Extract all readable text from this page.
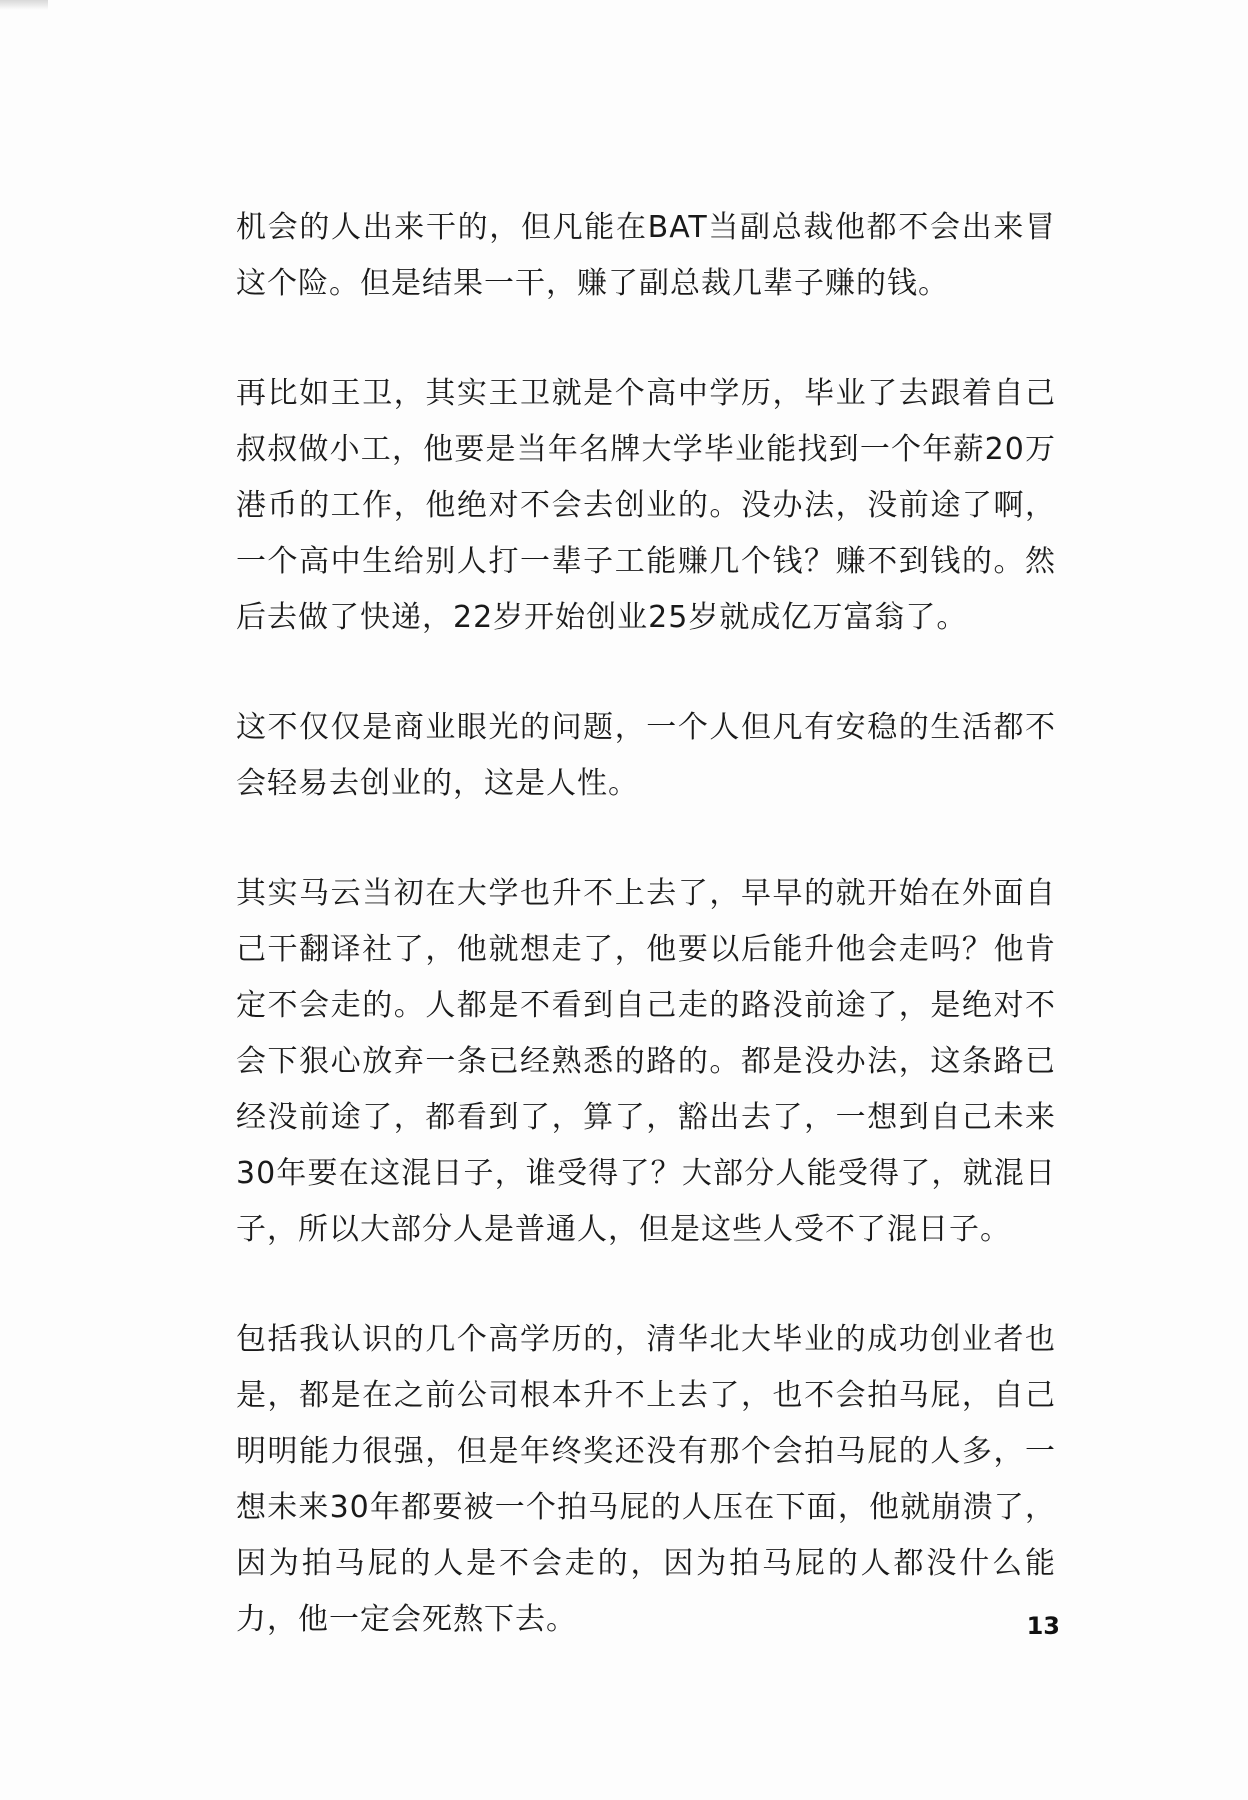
机会的人出来干的，但凡能在BAT当副总裁他都不会出来冒这个险。但是结果一干，赚了副总裁几辈子赚的钱。

再比如王卫，其实王卫就是个高中学历，毕业了去跟着自己叔叔做小工，他要是当年名牌大学毕业能找到一个年薪20万港币的工作，他绝对不会去创业的。没办法，没前途了啊，一个高中生给别人打一辈子工能赚几个钱？赚不到钱的。然后去做了快递，22岁开始创业25岁就成亿万富翁了。

这不仅仅是商业眼光的问题，一个人但凡有安稳的生活都不会轻易去创业的，这是人性。

其实马云当初在大学也升不上去了，早早的就开始在外面自己干翻译社了，他就想走了，他要以后能升他会走吗？他肯定不会走的。人都是不看到自己走的路没前途了，是绝对不会下狠心放弃一条已经熟悉的路的。都是没办法，这条路已经没前途了，都看到了，算了，豁出去了，一想到自己未来30年要在这混日子，谁受得了？大部分人能受得了，就混日子，所以大部分人是普通人，但是这些人受不了混日子。

包括我认识的几个高学历的，清华北大毕业的成功创业者也是，都是在之前公司根本升不上去了，也不会拍马屁，自己明明能力很强，但是年终奖还没有那个会拍马屁的人多，一想未来30年都要被一个拍马屁的人压在下面，他就崩溃了，因为拍马屁的人是不会走的，因为拍马屁的人都没什么能力，他一定会死熬下去。	13
